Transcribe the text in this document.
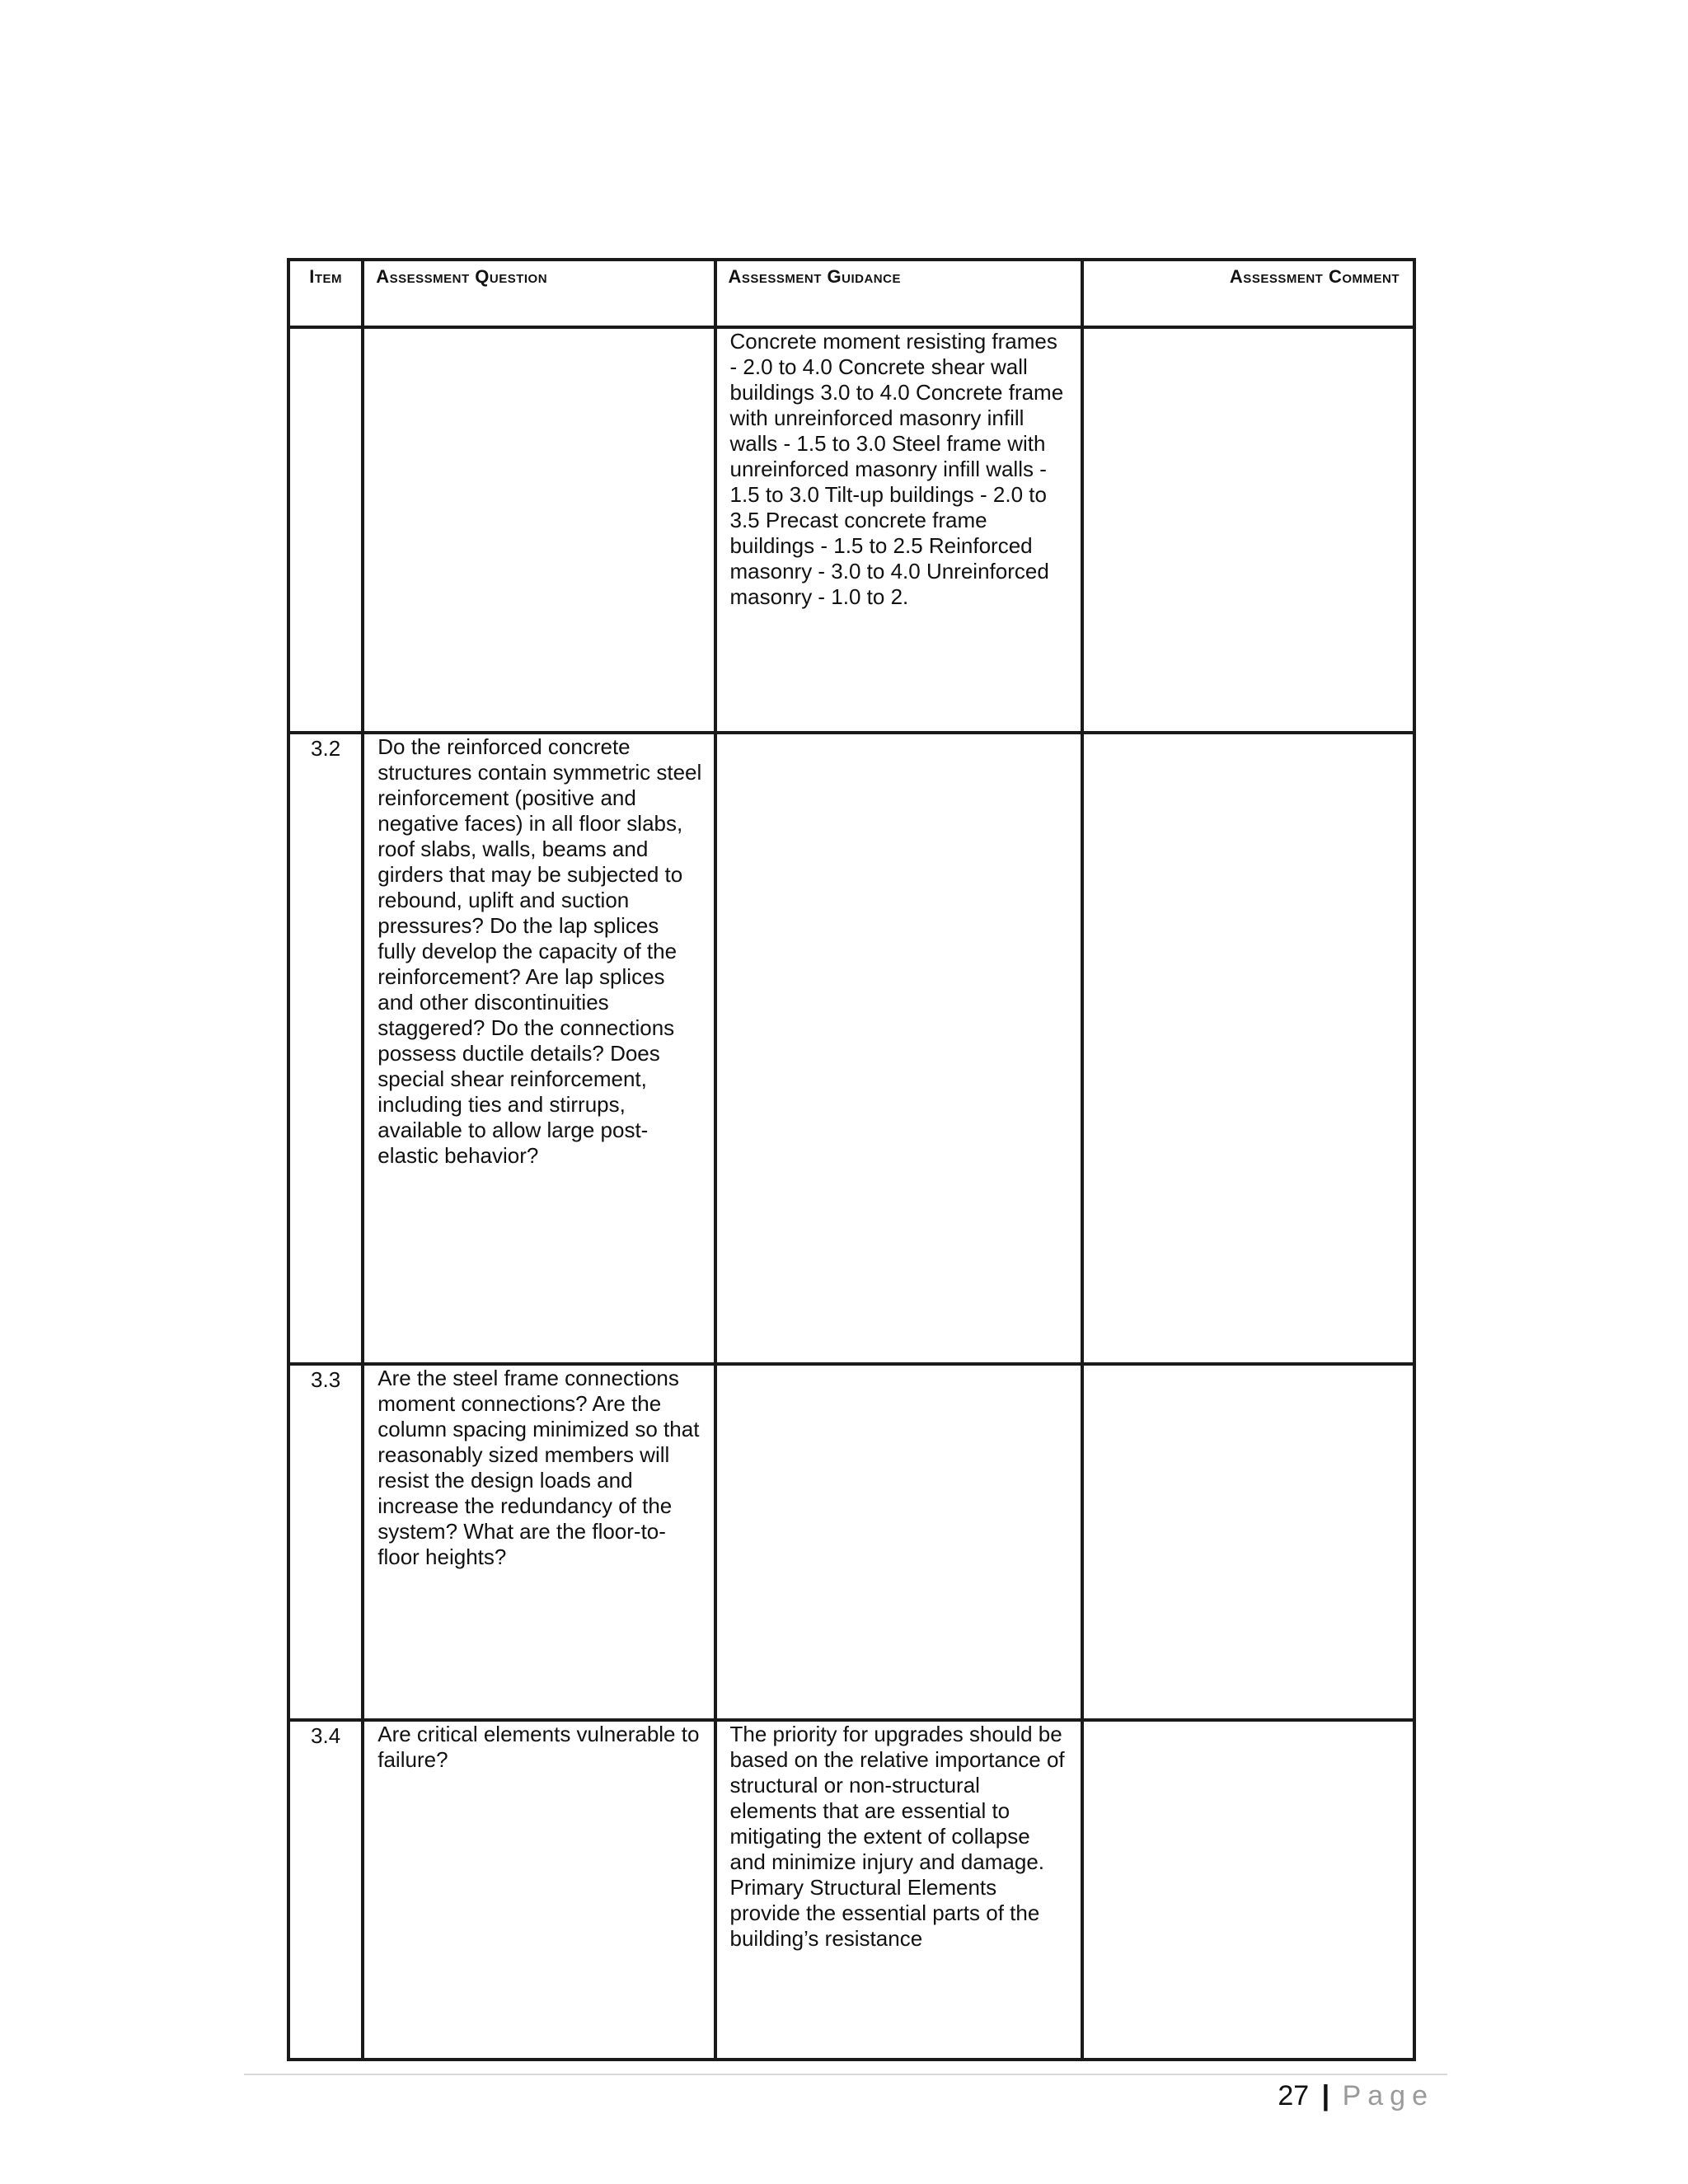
Item	Assessment Question	Assessment Guidance	Assessment Comment

		Concrete moment resisting frames - 2.0 to 4.0 Concrete shear wall buildings 3.0 to 4.0 Concrete frame with unreinforced masonry infill walls - 1.5 to 3.0 Steel frame with unreinforced masonry infill walls - 1.5 to 3.0 Tilt-up buildings - 2.0 to 3.5 Precast concrete frame buildings - 1.5 to 2.5 Reinforced masonry - 3.0 to 4.0 Unreinforced masonry - 1.0 to 2.	

3.2	Do the reinforced concrete structures contain symmetric steel reinforcement (positive and negative faces) in all floor slabs, roof slabs, walls, beams and girders that may be subjected to rebound, uplift and suction pressures? Do the lap splices fully develop the capacity of the reinforcement? Are lap splices and other discontinuities staggered? Do the connections possess ductile details? Does special shear reinforcement, including ties and stirrups, available to allow large post-elastic behavior?		

3.3	Are the steel frame connections moment connections? Are the column spacing minimized so that reasonably sized members will resist the design loads and increase the redundancy of the system? What are the floor-to-floor heights?		

3.4	Are critical elements vulnerable to failure?	The priority for upgrades should be based on the relative importance of structural or non-structural elements that are essential to mitigating the extent of collapse and minimize injury and damage. Primary Structural Elements provide the essential parts of the building’s resistance	

27 | Page
